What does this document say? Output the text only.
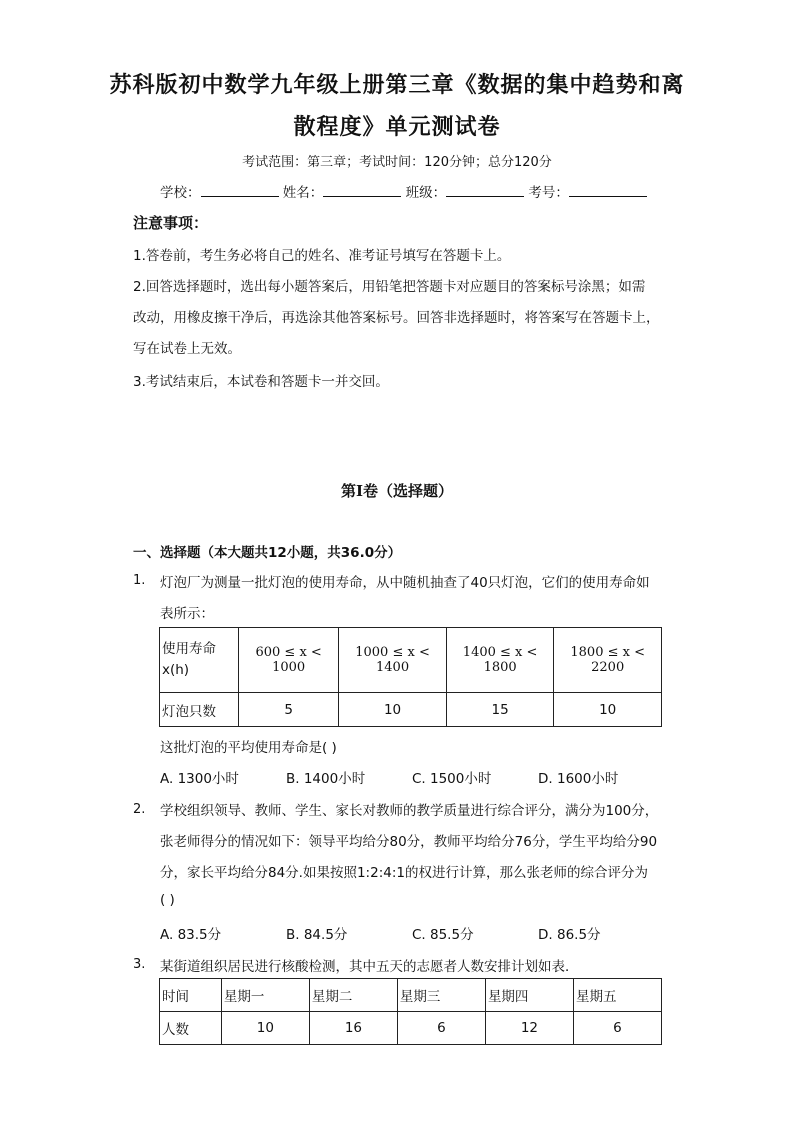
苏科版初中数学九年级上册第三章《数据的集中趋势和离
散程度》单元测试卷
考试范围：第三章；考试时间：120分钟；总分120分
学校：	姓名：	班级：	考号：
注意事项：
1.答卷前，考生务必将自己的姓名、准考证号填写在答题卡上。
2.回答选择题时，选出每小题答案后，用铅笔把答题卡对应题目的答案标号涂黑；如需
改动，用橡皮擦干净后，再选涂其他答案标号。回答非选择题时，将答案写在答题卡上，
写在试卷上无效。
3.考试结束后，本试卷和答题卡一并交回。
第I卷（选择题）
一、选择题（本大题共12小题，共36.0分）
1. 灯泡厂为测量一批灯泡的使用寿命，从中随机抽查了40只灯泡，它们的使用寿命如
表所示：
使用寿命x(h)	600 ≤ x < 1000	1000 ≤ x < 1400	1400 ≤ x < 1800	1800 ≤ x < 2200
灯泡只数	5	10	15	10
这批灯泡的平均使用寿命是( )
A. 1300小时	B. 1400小时	C. 1500小时	D. 1600小时
2. 学校组织领导、教师、学生、家长对教师的教学质量进行综合评分，满分为100分，
张老师得分的情况如下：领导平均给分80分，教师平均给分76分，学生平均给分90
分，家长平均给分84分.如果按照1:2:4:1的权进行计算，那么张老师的综合评分为
( )
A. 83.5分	B. 84.5分	C. 85.5分	D. 86.5分
3. 某街道组织居民进行核酸检测，其中五天的志愿者人数安排计划如表．
时间	星期一	星期二	星期三	星期四	星期五
人数	10	16	6	12	6
